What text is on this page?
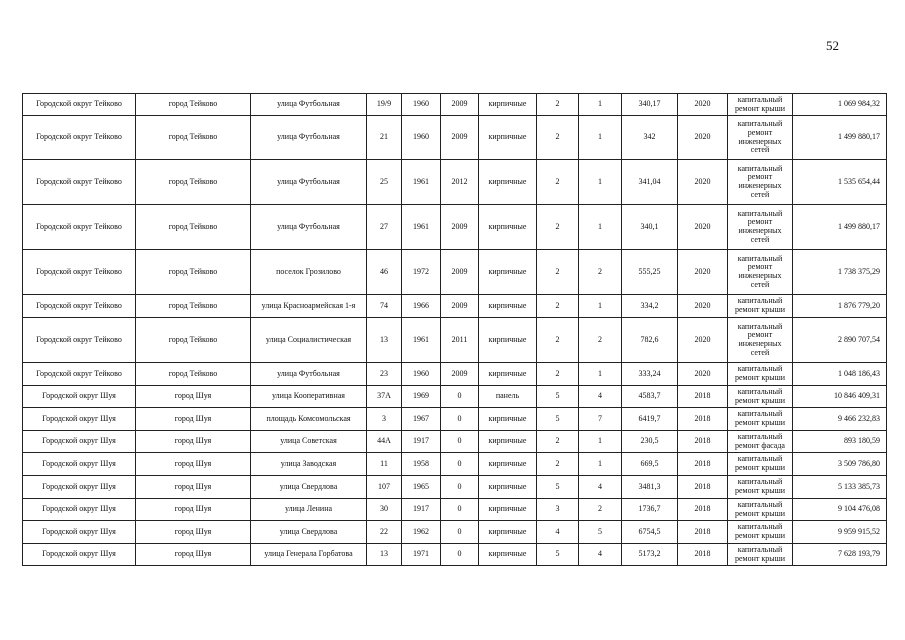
52
Городской округ Тейково	город Тейково	улица Футбольная	19/9	1960	2009	кирпичные	2	1	340,17	2020	капитальный ремонт крыши	1 069 984,32
Городской округ Тейково	город Тейково	улица Футбольная	21	1960	2009	кирпичные	2	1	342	2020	капитальный ремонт инженерных сетей	1 499 880,17
Городской округ Тейково	город Тейково	улица Футбольная	25	1961	2012	кирпичные	2	1	341,04	2020	капитальный ремонт инженерных сетей	1 535 654,44
Городской округ Тейково	город Тейково	улица Футбольная	27	1961	2009	кирпичные	2	1	340,1	2020	капитальный ремонт инженерных сетей	1 499 880,17
Городской округ Тейково	город Тейково	поселок Грозилово	46	1972	2009	кирпичные	2	2	555,25	2020	капитальный ремонт инженерных сетей	1 738 375,29
Городской округ Тейково	город Тейково	улица Красноармейская 1-я	74	1966	2009	кирпичные	2	1	334,2	2020	капитальный ремонт крыши	1 876 779,20
Городской округ Тейково	город Тейково	улица Социалистическая	13	1961	2011	кирпичные	2	2	782,6	2020	капитальный ремонт инженерных сетей	2 890 707,54
Городской округ Тейково	город Тейково	улица Футбольная	23	1960	2009	кирпичные	2	1	333,24	2020	капитальный ремонт крыши	1 048 186,43
Городской округ Шуя	город Шуя	улица Кооперативная	37А	1969	0	панель	5	4	4583,7	2018	капитальный ремонт крыши	10 846 409,31
Городской округ Шуя	город Шуя	площадь Комсомольская	3	1967	0	кирпичные	5	7	6419,7	2018	капитальный ремонт крыши	9 466 232,83
Городской округ Шуя	город Шуя	улица Советская	44А	1917	0	кирпичные	2	1	230,5	2018	капитальный ремонт фасада	893 180,59
Городской округ Шуя	город Шуя	улица Заводская	11	1958	0	кирпичные	2	1	669,5	2018	капитальный ремонт крыши	3 509 786,80
Городской округ Шуя	город Шуя	улица Свердлова	107	1965	0	кирпичные	5	4	3481,3	2018	капитальный ремонт крыши	5 133 385,73
Городской округ Шуя	город Шуя	улица Ленина	30	1917	0	кирпичные	3	2	1736,7	2018	капитальный ремонт крыши	9 104 476,08
Городской округ Шуя	город Шуя	улица Свердлова	22	1962	0	кирпичные	4	5	6754,5	2018	капитальный ремонт крыши	9 959 915,52
Городской округ Шуя	город Шуя	улица Генерала Горбатова	13	1971	0	кирпичные	5	4	5173,2	2018	капитальный ремонт крыши	7 628 193,79
